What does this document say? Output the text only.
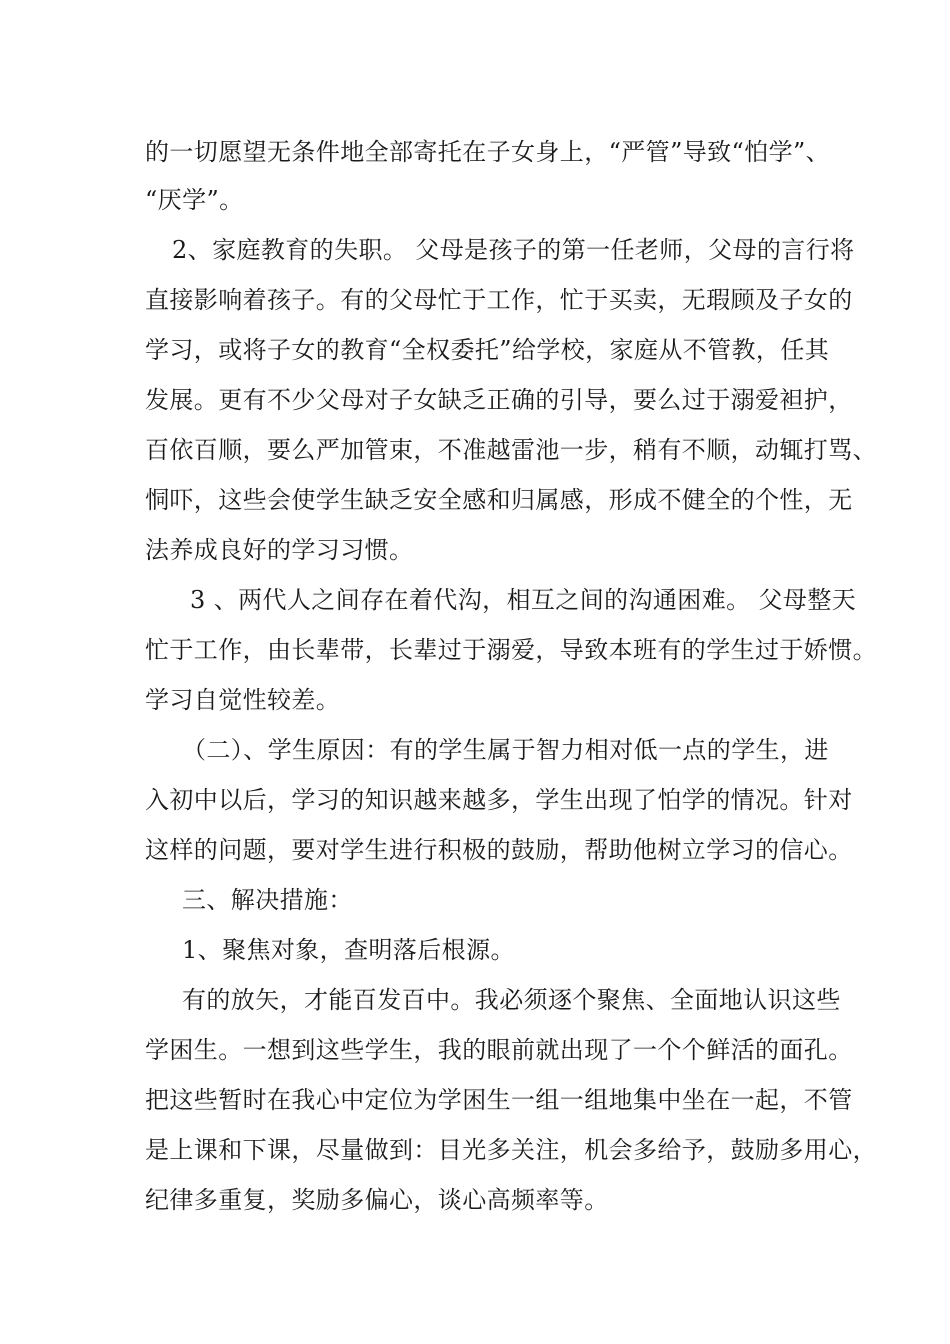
的一切愿望无条件地全部寄托在子女身上，“严管”导致“怕学”、
“厌学”。
2、家庭教育的失职。 父母是孩子的第一任老师，父母的言行将
直接影响着孩子。有的父母忙于工作，忙于买卖，无瑕顾及子女的
学习，或将子女的教育“全权委托”给学校，家庭从不管教，任其
发展。更有不少父母对子女缺乏正确的引导，要么过于溺爱袒护，
百依百顺，要么严加管束，不准越雷池一步，稍有不顺，动辄打骂、
恫吓，这些会使学生缺乏安全感和归属感，形成不健全的个性，无
法养成良好的学习习惯。
3 、两代人之间存在着代沟，相互之间的沟通困难。 父母整天
忙于工作，由长辈带，长辈过于溺爱，导致本班有的学生过于娇惯。
学习自觉性较差。
（二）、学生原因：有的学生属于智力相对低一点的学生，进
入初中以后，学习的知识越来越多，学生出现了怕学的情况。针对
这样的问题，要对学生进行积极的鼓励，帮助他树立学习的信心。
三、解决措施：
1、聚焦对象，查明落后根源。
有的放矢，才能百发百中。我必须逐个聚焦、全面地认识这些
学困生。一想到这些学生，我的眼前就出现了一个个鲜活的面孔。
把这些暂时在我心中定位为学困生一组一组地集中坐在一起，不管
是上课和下课，尽量做到：目光多关注，机会多给予，鼓励多用心，
纪律多重复，奖励多偏心，谈心高频率等。
